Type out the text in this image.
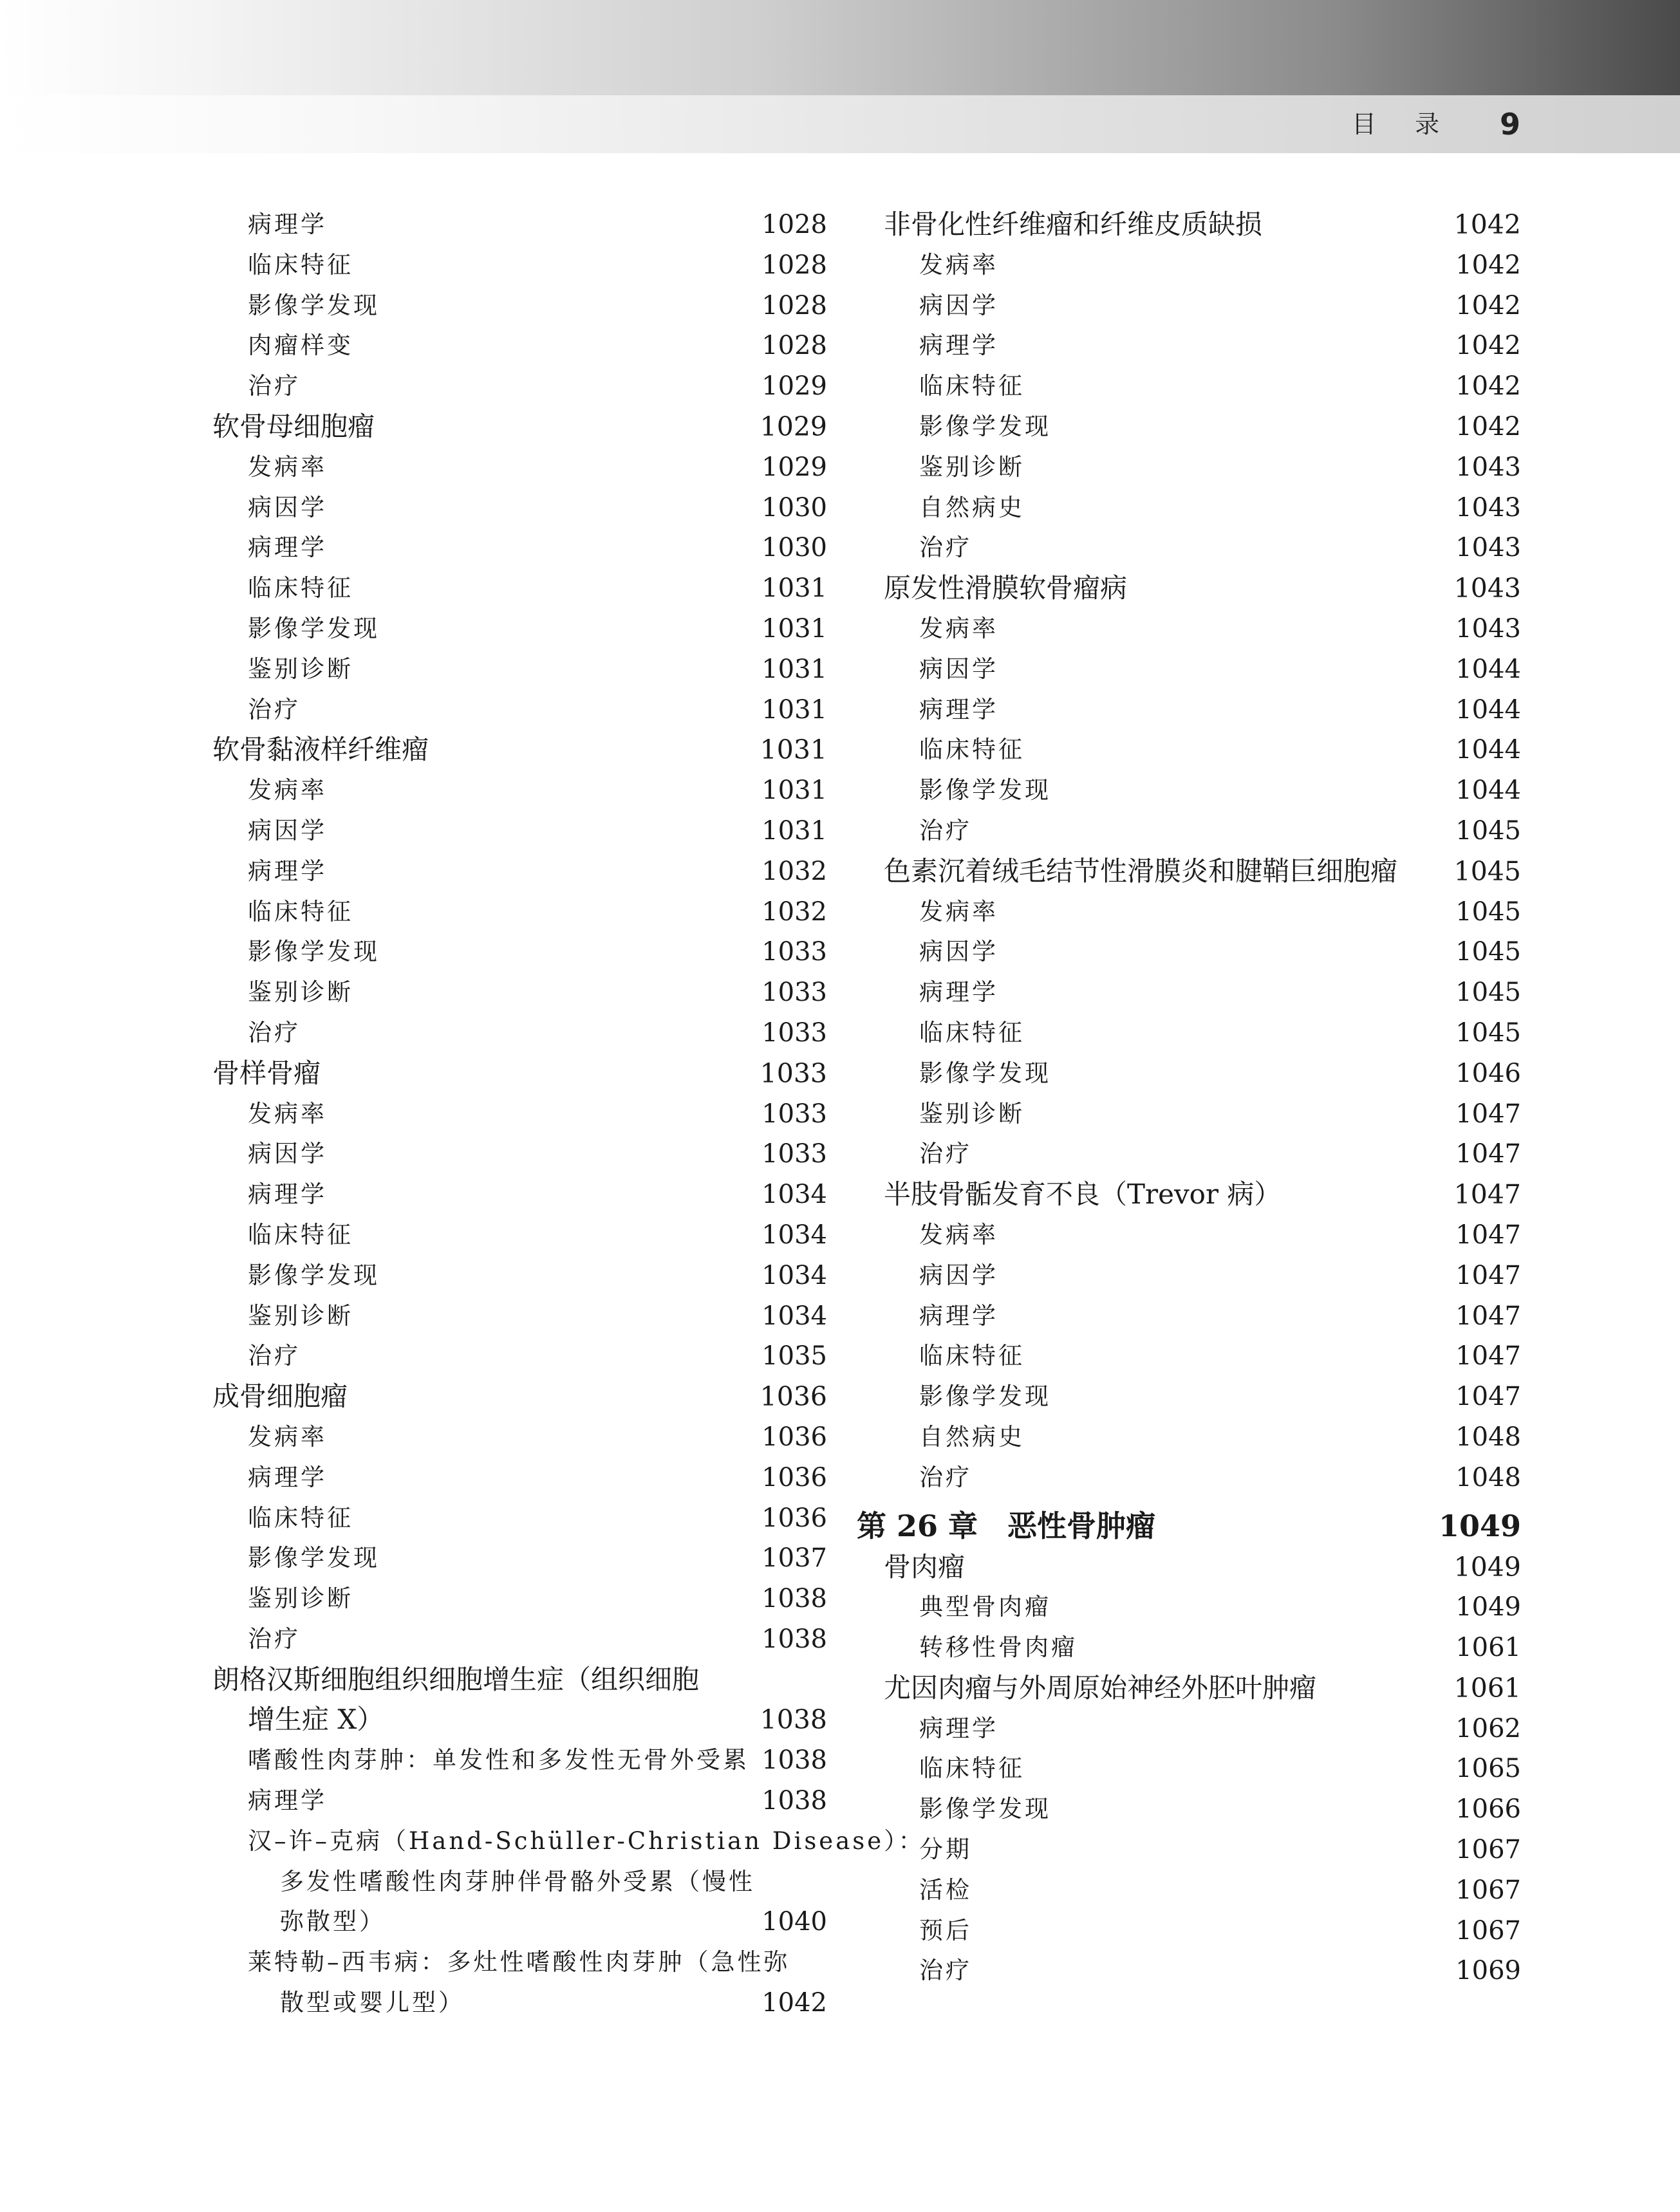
目 录 9
病理学	1028
临床特征	1028
影像学发现	1028
肉瘤样变	1028
治疗	1029
软骨母细胞瘤	1029
发病率	1029
病因学	1030
病理学	1030
临床特征	1031
影像学发现	1031
鉴别诊断	1031
治疗	1031
软骨黏液样纤维瘤	1031
发病率	1031
病因学	1031
病理学	1032
临床特征	1032
影像学发现	1033
鉴别诊断	1033
治疗	1033
骨样骨瘤	1033
发病率	1033
病因学	1033
病理学	1034
临床特征	1034
影像学发现	1034
鉴别诊断	1034
治疗	1035
成骨细胞瘤	1036
发病率	1036
病理学	1036
临床特征	1036
影像学发现	1037
鉴别诊断	1038
治疗	1038
朗格汉斯细胞组织细胞增生症（组织细胞
增生症 X）	1038
嗜酸性肉芽肿：单发性和多发性无骨外受累 1038
病理学	1038
汉–许–克病（Hand-Schüller-Christian Disease）：
多发性嗜酸性肉芽肿伴骨骼外受累（慢性
弥散型）	1040
莱特勒–西韦病：多灶性嗜酸性肉芽肿（急性弥
散型或婴儿型）	1042
非骨化性纤维瘤和纤维皮质缺损	1042
发病率	1042
病因学	1042
病理学	1042
临床特征	1042
影像学发现	1042
鉴别诊断	1043
自然病史	1043
治疗	1043
原发性滑膜软骨瘤病	1043
发病率	1043
病因学	1044
病理学	1044
临床特征	1044
影像学发现	1044
治疗	1045
色素沉着绒毛结节性滑膜炎和腱鞘巨细胞瘤 1045
发病率	1045
病因学	1045
病理学	1045
临床特征	1045
影像学发现	1046
鉴别诊断	1047
治疗	1047
半肢骨骺发育不良（Trevor 病）	1047
发病率	1047
病因学	1047
病理学	1047
临床特征	1047
影像学发现	1047
自然病史	1048
治疗	1048
第 26 章　恶性骨肿瘤	1049
骨肉瘤	1049
典型骨肉瘤	1049
转移性骨肉瘤	1061
尤因肉瘤与外周原始神经外胚叶肿瘤	1061
病理学	1062
临床特征	1065
影像学发现	1066
分期	1067
活检	1067
预后	1067
治疗	1069
